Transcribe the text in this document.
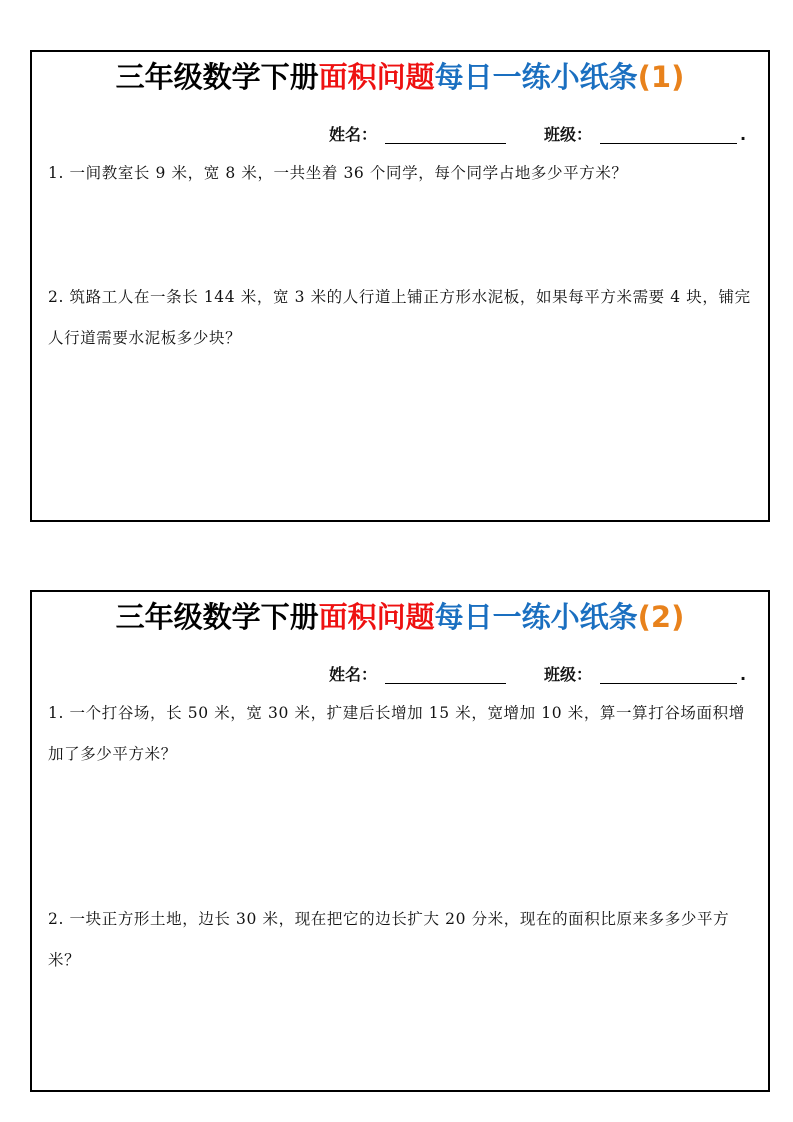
三年级数学下册面积问题每日一练小纸条(1)
姓名：	班级：	.
1. 一间教室长 9 米，宽 8 米，一共坐着 36 个同学，每个同学占地多少平方米？
2. 筑路工人在一条长 144 米，宽 3 米的人行道上铺正方形水泥板，如果每平方米需要 4 块，铺完人行道需要水泥板多少块？
三年级数学下册面积问题每日一练小纸条(2)
姓名：	班级：	.
1. 一个打谷场，长 50 米，宽 30 米，扩建后长增加 15 米，宽增加 10 米，算一算打谷场面积增加了多少平方米？
2. 一块正方形土地，边长 30 米，现在把它的边长扩大 20 分米，现在的面积比原来多多少平方米？
